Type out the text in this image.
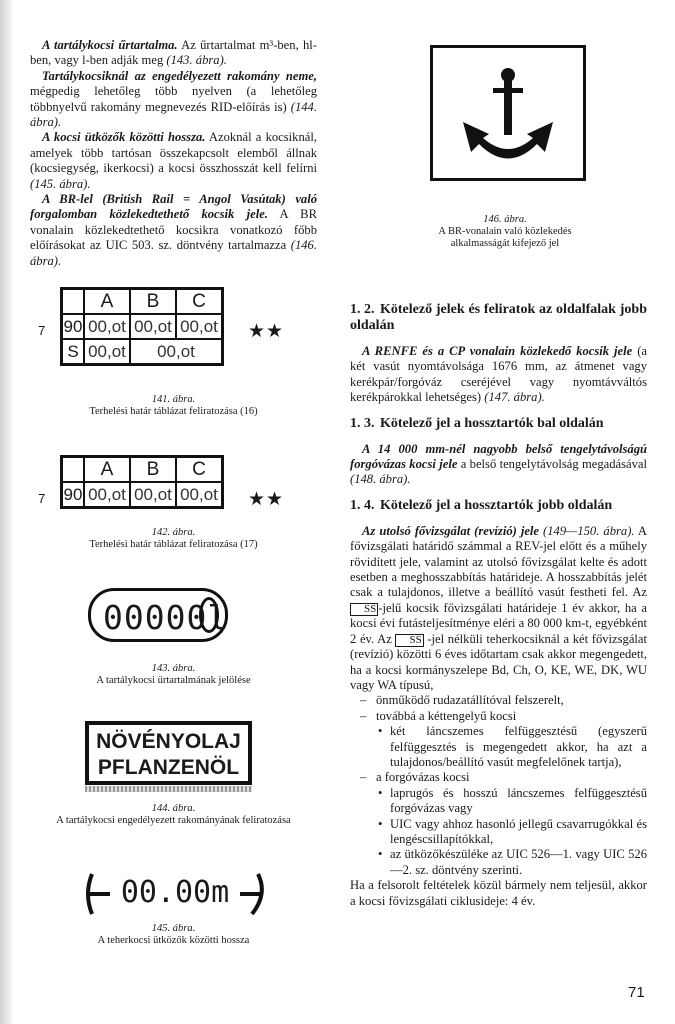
A tartálykocsi űrtartalma. Az űrtartalmat m³-ben, hl-ben, vagy l-ben adják meg (143. ábra).

Tartálykocsiknál az engedélyezett rakomány neme, mégpedig lehetőleg több nyelven (a lehetőleg többnyelvű rakomány megnevezés RID-előírás is) (144. ábra).

A kocsi ütközők közötti hossza. Azoknál a kocsiknál, amelyek több tartósan összekapcsolt elemből állnak (kocsiegység, ikerkocsi) a kocsi összhosszát kell felírni (145. ábra).

A BR-lel (British Rail = Angol Vasútak) való forgalomban közlekedtethető kocsik jele. A BR vonalain közlekedtethető kocsikra vonatkozó főbb előírásokat az UIC 503. sz. döntvény tartalmazza (146. ábra).

7
	A	B	C
90	00,ot	00,ot	00,ot
S	00,ot	00,ot	
★★
141. ábra.
Terhelési határ táblázat feliratozása (16)
7
	A	B	C
90	00,ot	00,ot	00,ot ★★
142. ábra.
Terhelési határ táblázat feliratozása (17)
00000l
143. ábra.
A tartálykocsi űrtartalmának jelölése
NÖVÉNYOLAJ
PFLANZENÖL
144. ábra.
A tartálykocsi engedélyezett rakományának feliratozása
00.00m
145. ábra.
A teherkocsi ütközők közötti hossza
146. ábra.
A BR-vonalain való közlekedés alkalmasságát kifejező jel
1. 2. Kötelező jelek és feliratok az oldalfalak jobb oldalán

A RENFE és a CP vonalain közlekedő kocsik jele (a két vasút nyomtávolsága 1676 mm, az átmenet vagy kerékpár/forgóváz cseréjével vagy nyomtávváltós kerékpárokkal lehetséges) (147. ábra).

1. 3. Kötelező jel a hossztartók bal oldalán

A 14 000 mm-nél nagyobb belső tengelytávolságú forgóvázas kocsi jele a belső tengelytávolság megadásával (148. ábra).

1. 4. Kötelező jel a hossztartók jobb oldalán

Az utolsó fővizsgálat (revízió) jele (149—150. ábra). A fővizsgálati határidő számmal a REV-jel előtt és a műhely rövidített jele, valamint az utolsó fővizsgálat kelte és adott esetben a meghosszabbítás határideje. A hosszabbítás jelét csak a tulajdonos, illetve a beállító vasút festheti fel. Az SS -jelű kocsik fővizsgálati határideje 1 év akkor, ha a kocsi évi futásteljesítménye eléri a 80 000 km-t, egyébként 2 év. Az SS -jel nélküli teherkocsiknál a két fővizsgálat (revízió) közötti 6 éves időtartam csak akkor megengedett, ha a kocsi kormányszelepe Bd, Ch, O, KE, WE, DK, WU vagy WA típusú,

– önműködő rudazatállítóval felszerelt,
– továbbá a kéttengelyű kocsi
• két láncszemes felfüggesztésű (egyszerű felfüggesztés is megengedett akkor, ha azt a tulajdonos/beállító vasút megfelelőnek tartja),
– a forgóvázas kocsi
• laprugós és hosszú láncszemes felfüggesztésű forgóvázas vagy
• UIC vagy ahhoz hasonló jellegű csavarrugókkal és lengéscsillapítókkal,
• az ütközőkészüléke az UIC 526—1. vagy UIC 526—2. sz. döntvény szerinti.

Ha a felsorolt feltételek közül bármely nem teljesül, akkor a kocsi fővizsgálati ciklusideje: 4 év.

71
